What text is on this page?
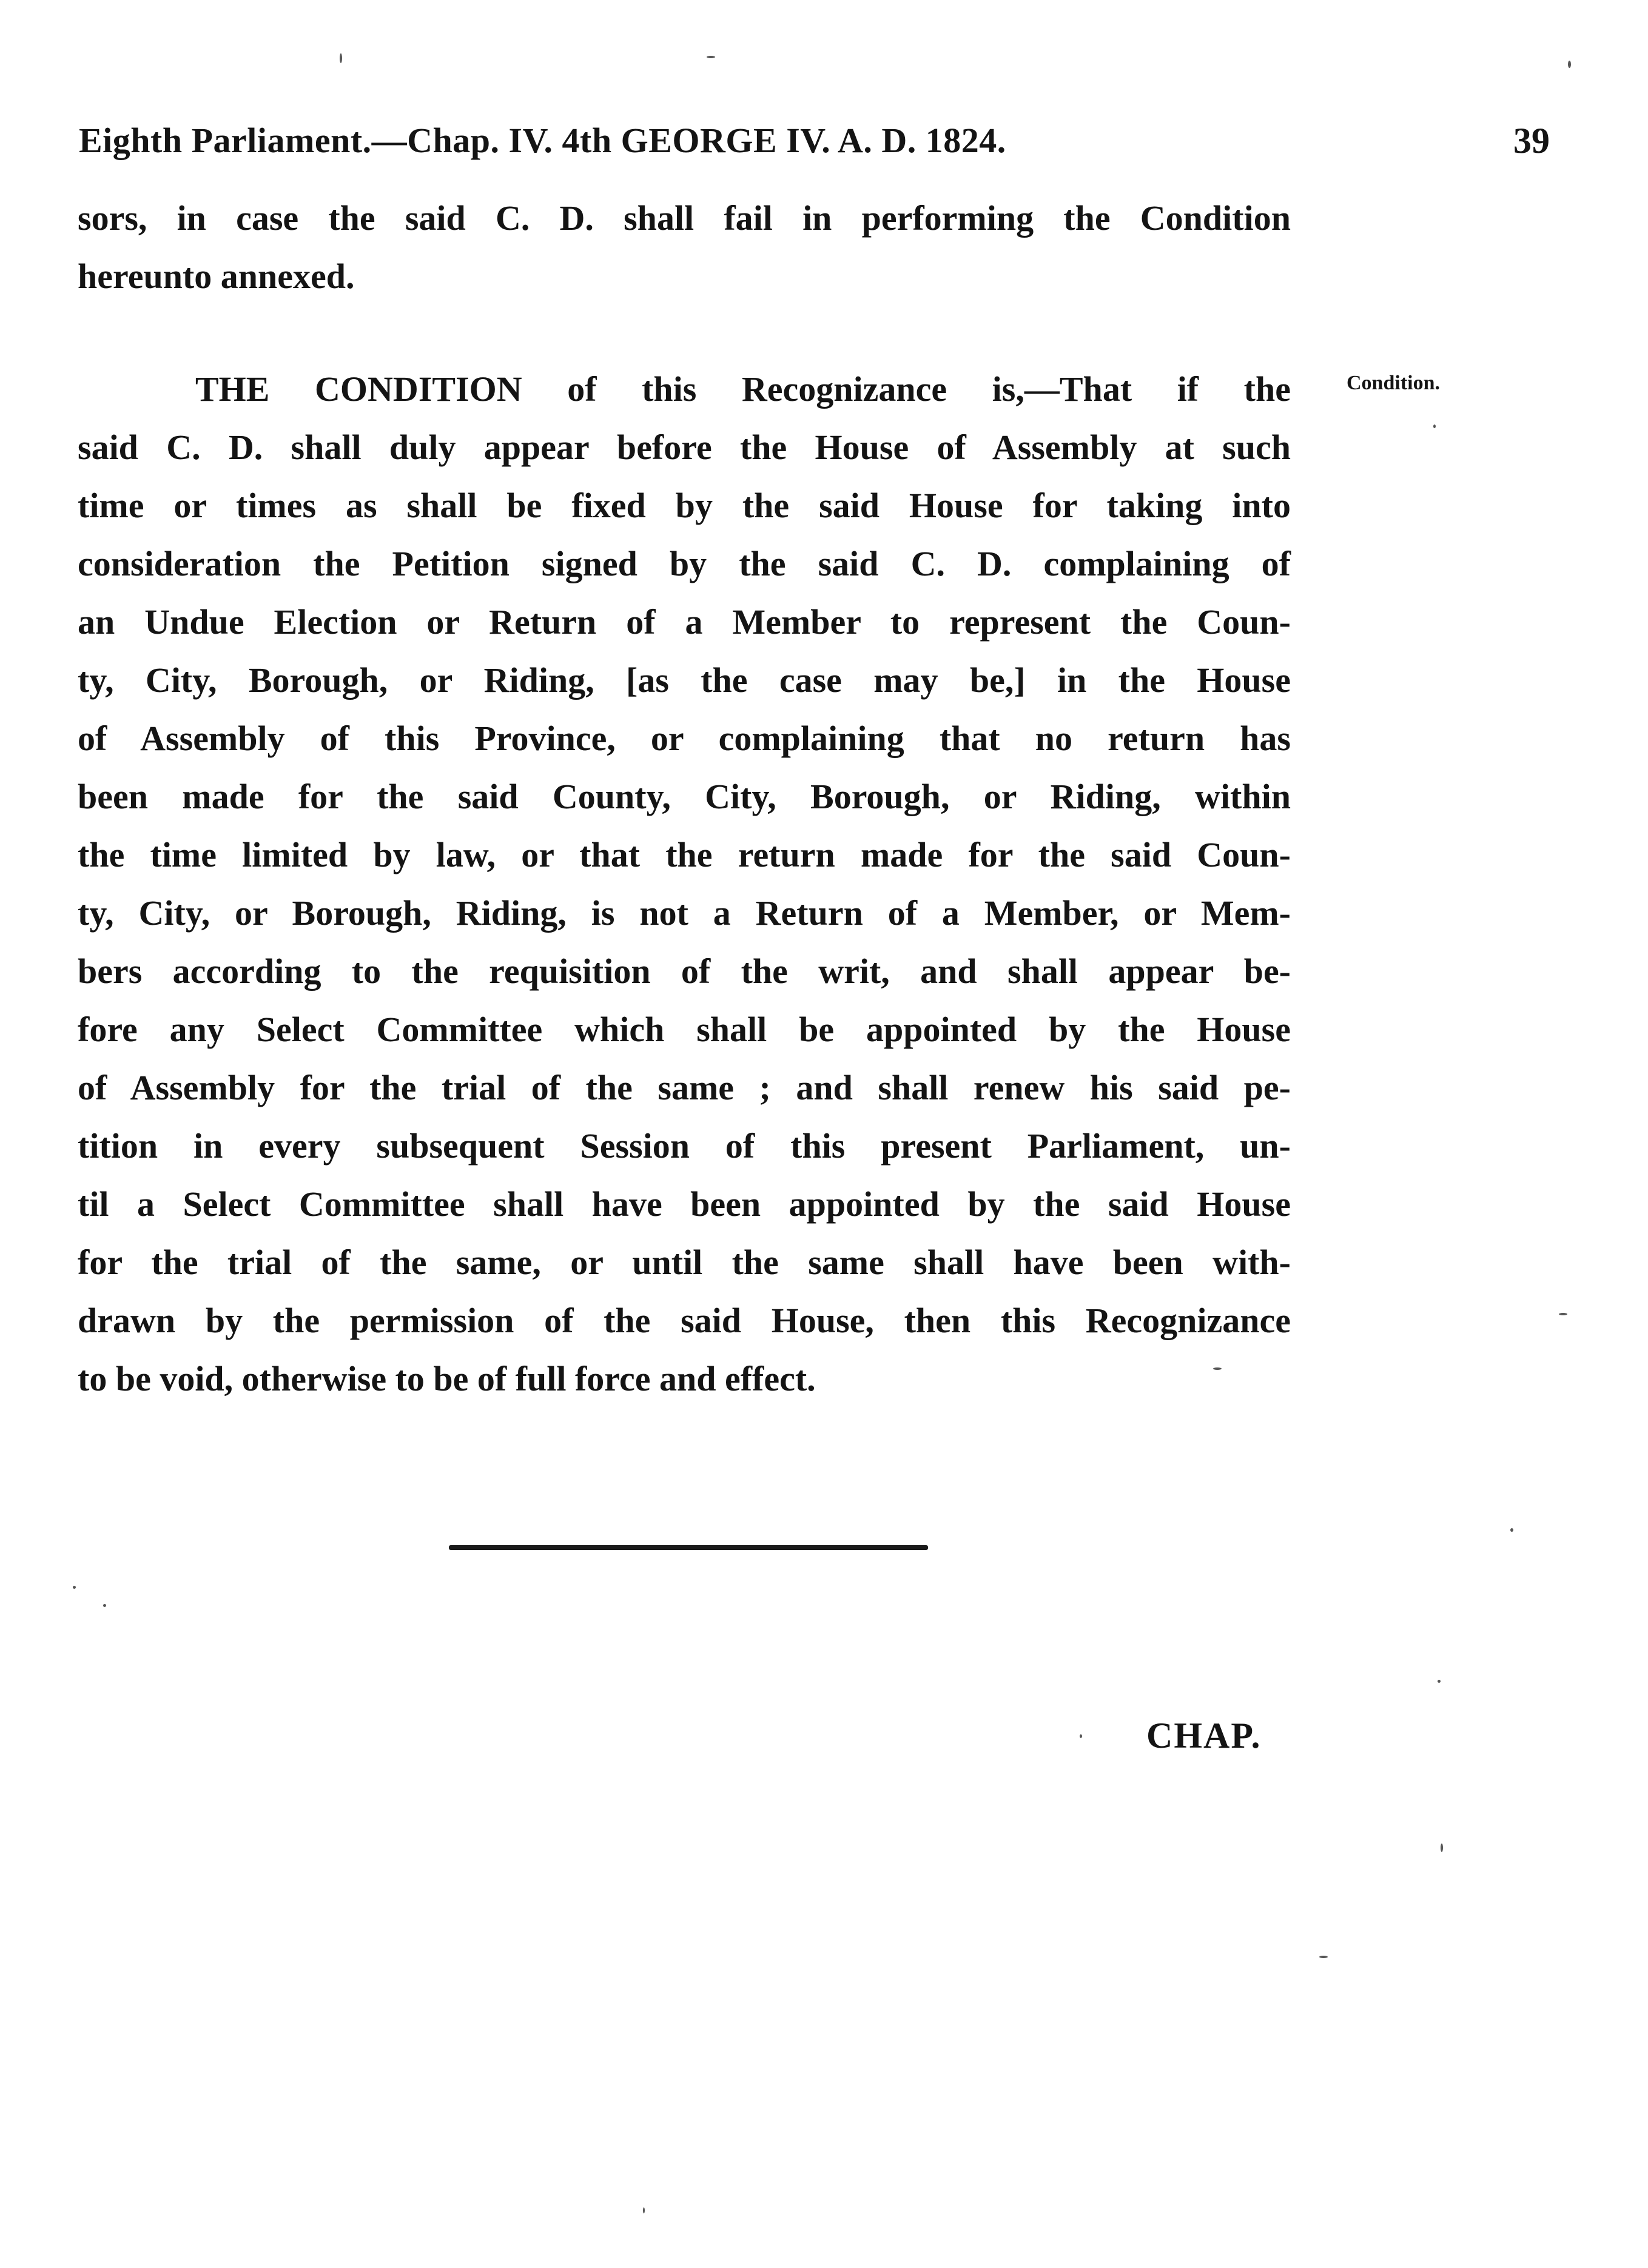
Eighth Parliament.—Chap. IV. 4th GEORGE IV. A. D. 1824.	39
sors, in case the said C. D. shall fail in performing the Condition
hereunto annexed.
Condition.
THE CONDITION of this Recognizance is,—That if the
said C. D. shall duly appear before the House of Assembly at such
time or times as shall be fixed by the said House for taking into
consideration the Petition signed by the said C. D. complaining of
an Undue Election or Return of a Member to represent the Coun-
ty, City, Borough, or Riding, [as the case may be,] in the House
of Assembly of this Province, or complaining that no return has
been made for the said County, City, Borough, or Riding, within
the time limited by law, or that the return made for the said Coun-
ty, City, or Borough, Riding, is not a Return of a Member, or Mem-
bers according to the requisition of the writ, and shall appear be-
fore any Select Committee which shall be appointed by the House
of Assembly for the trial of the same ; and shall renew his said pe-
tition in every subsequent Session of this present Parliament, un-
til a Select Committee shall have been appointed by the said House
for the trial of the same, or until the same shall have been with-
drawn by the permission of the said House, then this Recognizance
to be void, otherwise to be of full force and effect.
CHAP.
